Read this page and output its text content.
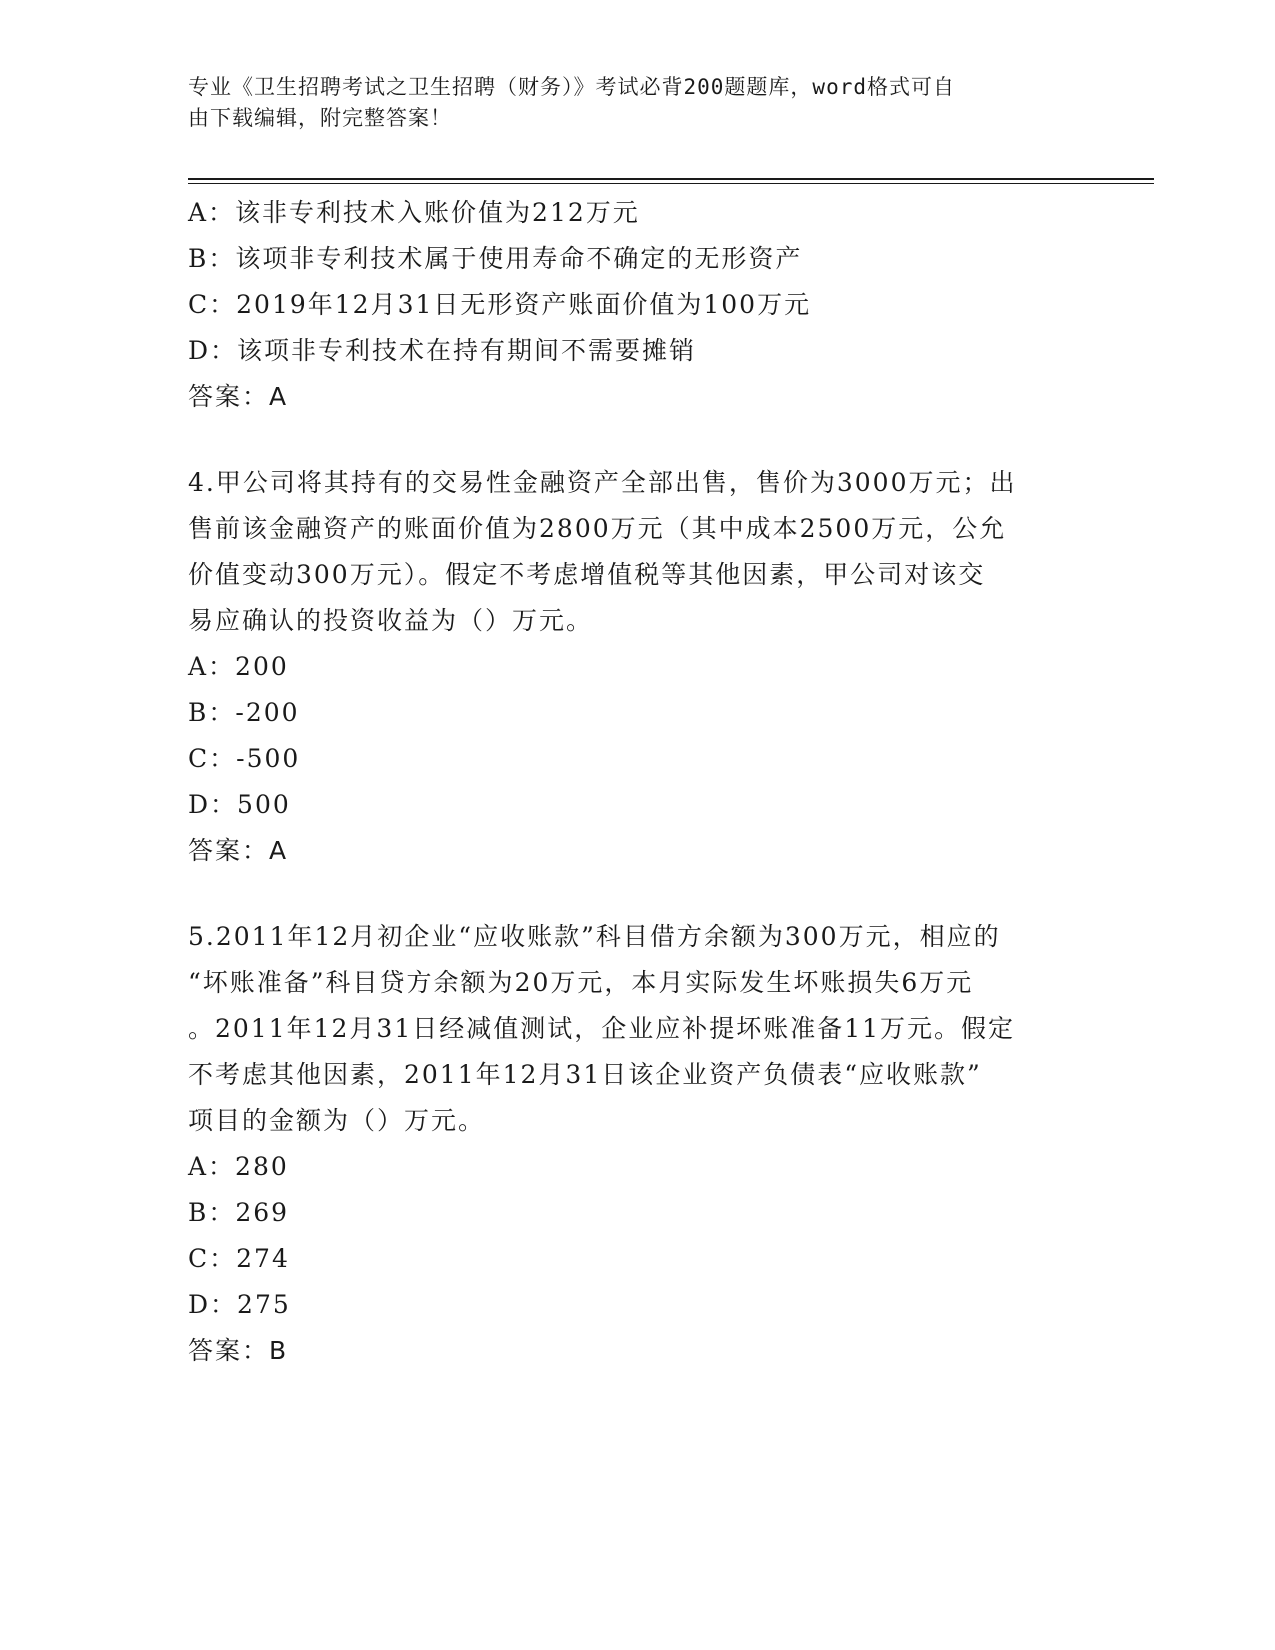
专业《卫生招聘考试之卫生招聘（财务）》考试必背200题题库，word格式可自
由下载编辑，附完整答案！
A：该非专利技术入账价值为212万元
B：该项非专利技术属于使用寿命不确定的无形资产
C：2019年12月31日无形资产账面价值为100万元
D：该项非专利技术在持有期间不需要摊销
答案：A
4.甲公司将其持有的交易性金融资产全部出售，售价为3000万元；出
售前该金融资产的账面价值为2800万元（其中成本2500万元，公允
价值变动300万元）。假定不考虑增值税等其他因素，甲公司对该交
易应确认的投资收益为（）万元。
A：200
B：-200
C：-500
D：500
答案：A
5.2011年12月初企业“应收账款”科目借方余额为300万元，相应的
“坏账准备”科目贷方余额为20万元，本月实际发生坏账损失6万元
。2011年12月31日经减值测试，企业应补提坏账准备11万元。假定
不考虑其他因素，2011年12月31日该企业资产负债表“应收账款”
项目的金额为（）万元。
A：280
B：269
C：274
D：275
答案：B
